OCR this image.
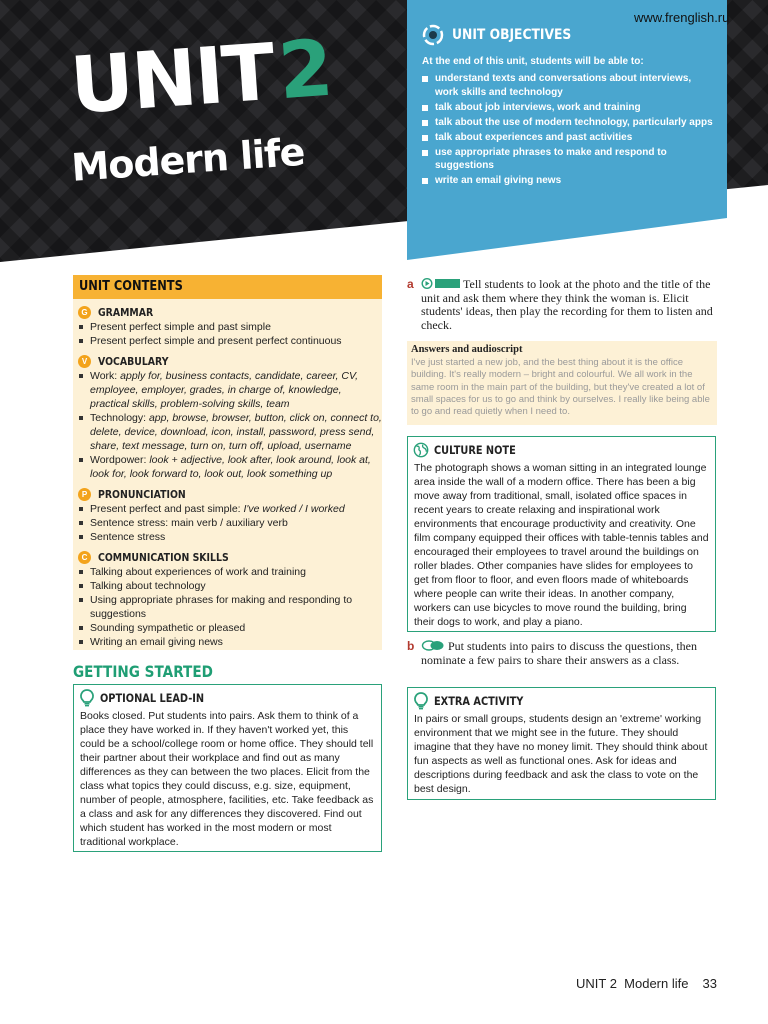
www.frenglish.ru
UNIT 2
Modern life
UNIT OBJECTIVES
At the end of this unit, students will be able to:
understand texts and conversations about interviews, work skills and technology
talk about job interviews, work and training
talk about the use of modern technology, particularly apps
talk about experiences and past activities
use appropriate phrases to make and respond to suggestions
write an email giving news
UNIT CONTENTS
G GRAMMAR
Present perfect simple and past simple
Present perfect simple and present perfect continuous
V VOCABULARY
Work: apply for, business contacts, candidate, career, CV, employee, employer, grades, in charge of, knowledge, practical skills, problem-solving skills, team
Technology: app, browse, browser, button, click on, connect to, delete, device, download, icon, install, password, press send, share, text message, turn on, turn off, upload, username
Wordpower: look + adjective, look after, look around, look at, look for, look forward to, look out, look something up
P PRONUNCIATION
Present perfect and past simple: I've worked / I worked
Sentence stress: main verb / auxiliary verb
Sentence stress
C COMMUNICATION SKILLS
Talking about experiences of work and training
Talking about technology
Using appropriate phrases for making and responding to suggestions
Sounding sympathetic or pleased
Writing an email giving news
GETTING STARTED
OPTIONAL LEAD-IN
Books closed. Put students into pairs. Ask them to think of a place they have worked in. If they haven't worked yet, this could be a school/college room or home office. They should tell their partner about their workplace and find out as many differences as they can between the two places. Elicit from the class what topics they could discuss, e.g. size, equipment, number of people, atmosphere, facilities, etc. Take feedback as a class and ask for any differences they discovered. Find out which student has worked in the most modern or most traditional workplace.
a	1.19 Tell students to look at the photo and the title of the unit and ask them where they think the woman is. Elicit students' ideas, then play the recording for them to listen and check.
Answers and audioscript
I've just started a new job, and the best thing about it is the office building. It's really modern – bright and colourful. We all work in the same room in the main part of the building, but they've created a lot of small spaces for us to go and think by ourselves. I really like being able to go and read quietly when I need to.
CULTURE NOTE
The photograph shows a woman sitting in an integrated lounge area inside the wall of a modern office. There has been a big move away from traditional, small, isolated office spaces in recent years to create relaxing and inspirational work environments that encourage productivity and creativity. One film company equipped their offices with table-tennis tables and encouraged their employees to travel around the buildings on roller blades. Other companies have slides for employees to get from floor to floor, and even floors made of whiteboards where people can write their ideas. In another company, workers can use bicycles to move round the building, bring their dogs to work, and play a piano.
b	Put students into pairs to discuss the questions, then nominate a few pairs to share their answers as a class.
EXTRA ACTIVITY
In pairs or small groups, students design an 'extreme' working environment that we might see in the future. They should imagine that they have no money limit. They should think about fun aspects as well as functional ones. Ask for ideas and descriptions during feedback and ask the class to vote on the best design.
UNIT 2  Modern life 33
